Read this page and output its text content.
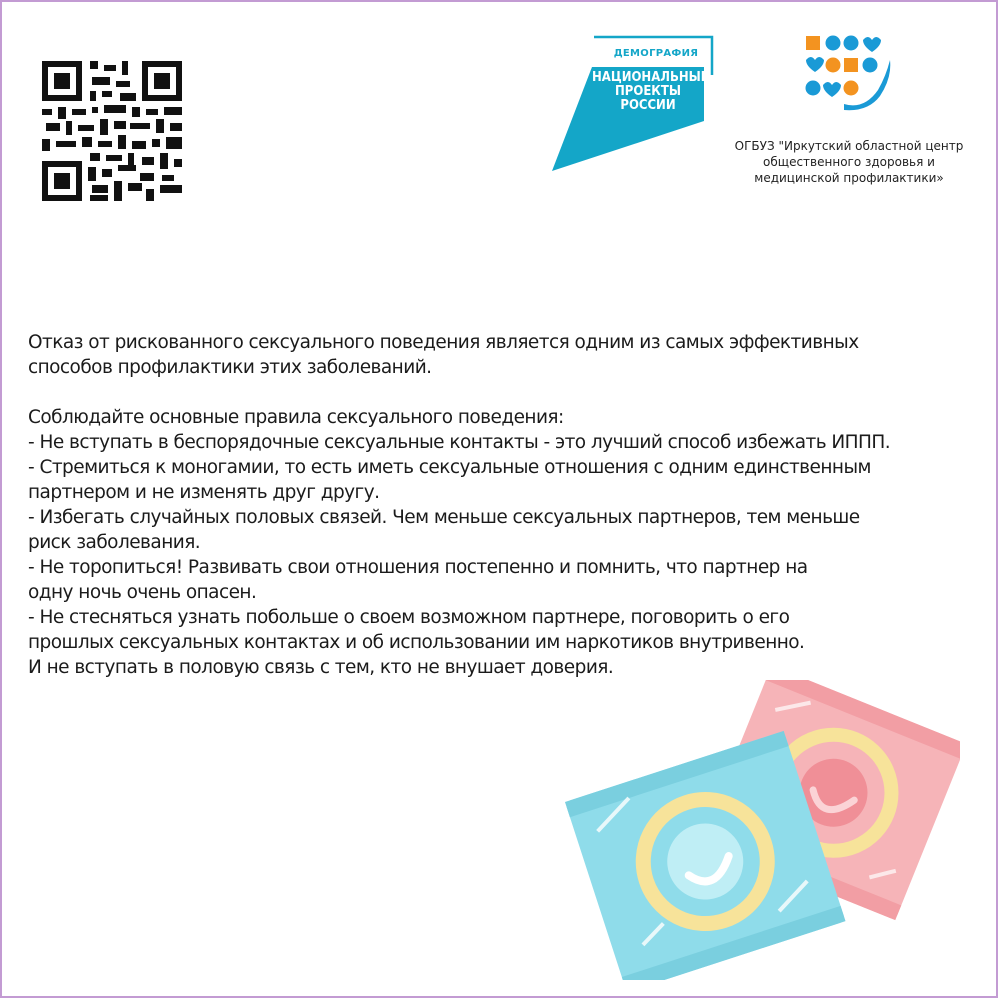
ДЕМОГРАФИЯ
НАЦИОНАЛЬНЫЕ
ПРОЕКТЫ
РОССИИ
ОГБУЗ "Иркутский областной центр
общественного здоровья и
медицинской профилактики»
Отказ от рискованного сексуального поведения является одним из самых эффективных
способов профилактики этих заболеваний.
Соблюдайте основные правила сексуального поведения:
- Не вступать в беспорядочные сексуальные контакты - это лучший способ избежать ИППП.
- Стремиться к моногамии, то есть иметь сексуальные отношения с одним единственным
партнером и не изменять друг другу.
- Избегать случайных половых связей. Чем меньше сексуальных партнеров, тем меньше
риск заболевания.
- Не торопиться! Развивать свои отношения постепенно и помнить, что партнер на
одну ночь очень опасен.
- Не стесняться узнать побольше о своем возможном партнере, поговорить о его
прошлых сексуальных контактах и об использовании им наркотиков внутривенно.
И не вступать в половую связь с тем, кто не внушает доверия.
